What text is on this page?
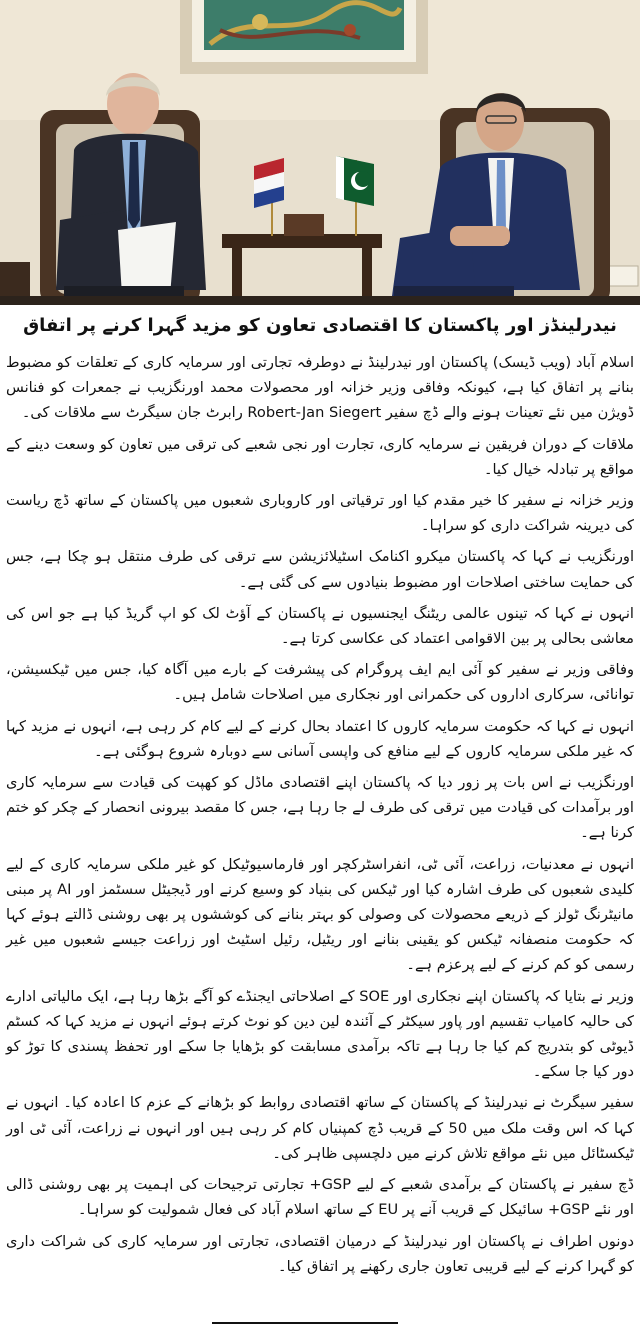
نیدرلینڈز اور پاکستان کا اقتصادی تعاون کو مزید گہرا کرنے پر اتفاق

اسلام آباد (ویب ڈیسک) پاکستان اور نیدرلینڈ نے دوطرفہ تجارتی اور سرمایہ کاری کے تعلقات کو مضبوط بنانے پر اتفاق کیا ہے، کیونکہ وفاقی وزیر خزانہ اور محصولات محمد اورنگزیب نے جمعرات کو فنانس ڈویژن میں نئے تعینات ہونے والے ڈچ سفیر Robert-Jan Siegert رابرٹ جان سیگرٹ سے ملاقات کی۔

ملاقات کے دوران فریقین نے سرمایہ کاری، تجارت اور نجی شعبے کی ترقی میں تعاون کو وسعت دینے کے مواقع پر تبادلہ خیال کیا۔

وزیر خزانہ نے سفیر کا خیر مقدم کیا اور ترقیاتی اور کاروباری شعبوں میں پاکستان کے ساتھ ڈچ ریاست کی دیرینہ شراکت داری کو سراہا۔

اورنگزیب نے کہا کہ پاکستان میکرو اکنامک اسٹیلائزیشن سے ترقی کی طرف منتقل ہو چکا ہے، جس کی حمایت ساختی اصلاحات اور مضبوط بنیادوں سے کی گئی ہے۔

انہوں نے کہا کہ تینوں عالمی ریٹنگ ایجنسیوں نے پاکستان کے آؤٹ لک کو اپ گریڈ کیا ہے جو اس کی معاشی بحالی پر بین الاقوامی اعتماد کی عکاسی کرتا ہے۔

وفاقی وزیر نے سفیر کو آئی ایم ایف پروگرام کی پیشرفت کے بارے میں آگاہ کیا، جس میں ٹیکسیشن، توانائی، سرکاری اداروں کی حکمرانی اور نجکاری میں اصلاحات شامل ہیں۔

انہوں نے کہا کہ حکومت سرمایہ کاروں کا اعتماد بحال کرنے کے لیے کام کر رہی ہے، انہوں نے مزید کہا کہ غیر ملکی سرمایہ کاروں کے لیے منافع کی واپسی آسانی سے دوبارہ شروع ہوگئی ہے۔

اورنگزیب نے اس بات پر زور دیا کہ پاکستان اپنے اقتصادی ماڈل کو کھپت کی قیادت سے سرمایہ کاری اور برآمدات کی قیادت میں ترقی کی طرف لے جا رہا ہے، جس کا مقصد بیرونی انحصار کے چکر کو ختم کرنا ہے۔

انہوں نے معدنیات، زراعت، آئی ٹی، انفراسٹرکچر اور فارماسیوٹیکل کو غیر ملکی سرمایہ کاری کے لیے کلیدی شعبوں کی طرف اشارہ کیا اور ٹیکس کی بنیاد کو وسیع کرنے اور ڈیجیٹل سسٹمز اور AI پر مبنی مانیٹرنگ ٹولز کے ذریعے محصولات کی وصولی کو بہتر بنانے کی کوششوں پر بھی روشنی ڈالتے ہوئے کہا کہ حکومت منصفانہ ٹیکس کو یقینی بنانے اور ریٹیل، رئیل اسٹیٹ اور زراعت جیسے شعبوں میں غیر رسمی کو کم کرنے کے لیے پرعزم ہے۔

وزیر نے بتایا کہ پاکستان اپنے نجکاری اور SOE کے اصلاحاتی ایجنڈے کو آگے بڑھا رہا ہے، ایک مالیاتی ادارے کی حالیہ کامیاب تقسیم اور پاور سیکٹر کے آئندہ لین دین کو نوٹ کرتے ہوئے انہوں نے مزید کہا کہ کسٹم ڈیوٹی کو بتدریج کم کیا جا رہا ہے تاکہ برآمدی مسابقت کو بڑھایا جا سکے اور تحفظ پسندی کا توڑ کو دور کیا جا سکے۔

سفیر سیگرٹ نے نیدرلینڈ کے پاکستان کے ساتھ اقتصادی روابط کو بڑھانے کے عزم کا اعادہ کیا۔ انہوں نے کہا کہ اس وقت ملک میں 50 کے قریب ڈچ کمپنیاں کام کر رہی ہیں اور انہوں نے زراعت، آئی ٹی اور ٹیکسٹائل میں نئے مواقع تلاش کرنے میں دلچسپی ظاہر کی۔

ڈچ سفیر نے پاکستان کے برآمدی شعبے کے لیے GSP+ تجارتی ترجیحات کی اہمیت پر بھی روشنی ڈالی اور نئے GSP+ سائیکل کے قریب آنے پر EU کے ساتھ اسلام آباد کی فعال شمولیت کو سراہا۔

دونوں اطراف نے پاکستان اور نیدرلینڈ کے درمیان اقتصادی، تجارتی اور سرمایہ کاری کی شراکت داری کو گہرا کرنے کے لیے قریبی تعاون جاری رکھنے پر اتفاق کیا۔
